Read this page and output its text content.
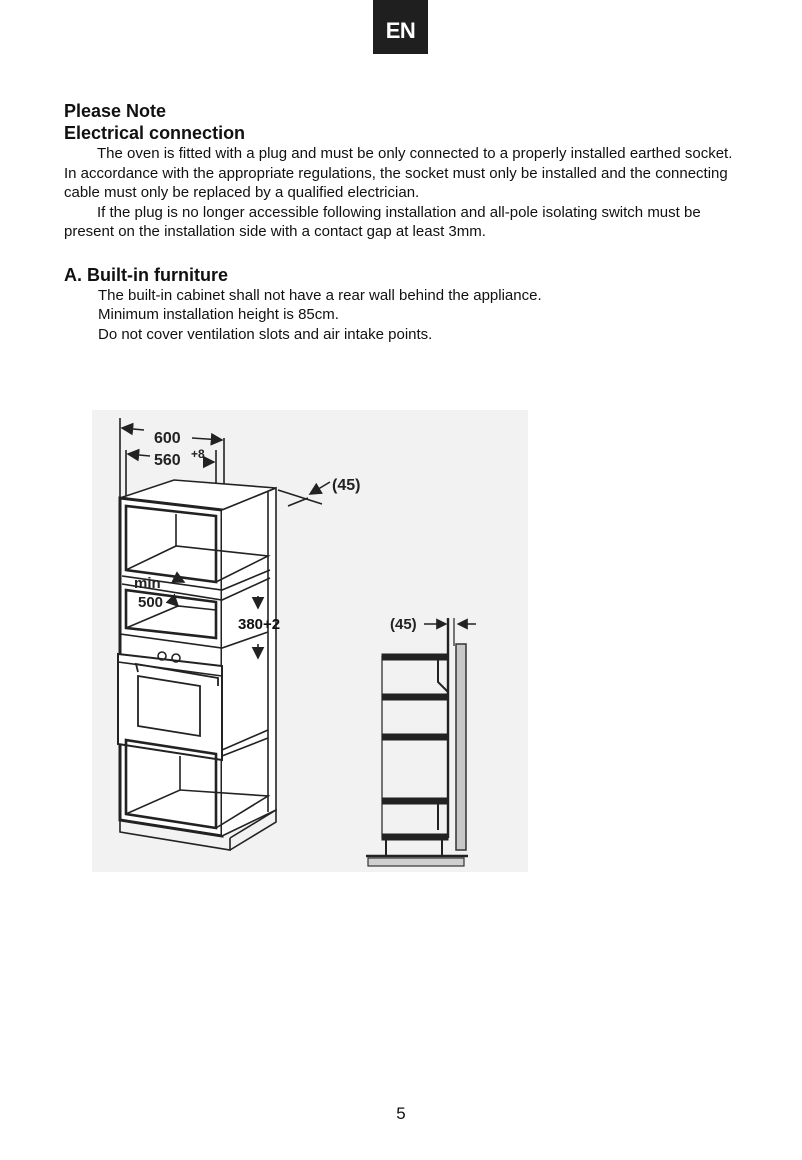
EN
Please Note
Electrical connection

The oven is fitted with a plug and must be only connected to a properly installed earthed socket. In accordance with the appropriate regulations, the socket must only be installed and the connecting cable must only be replaced by a qualified electrician.

If the plug is no longer accessible following installation and all-pole isolating switch must be present on the installation side with a contact gap at least 3mm.

A. Built-in furniture

The built-in cabinet shall not have a rear wall behind the appliance.

Minimum installation height is 85cm.

Do not cover ventilation slots and air intake points.

600
560 +8
(45)
min
500
380+2	(45)
5
